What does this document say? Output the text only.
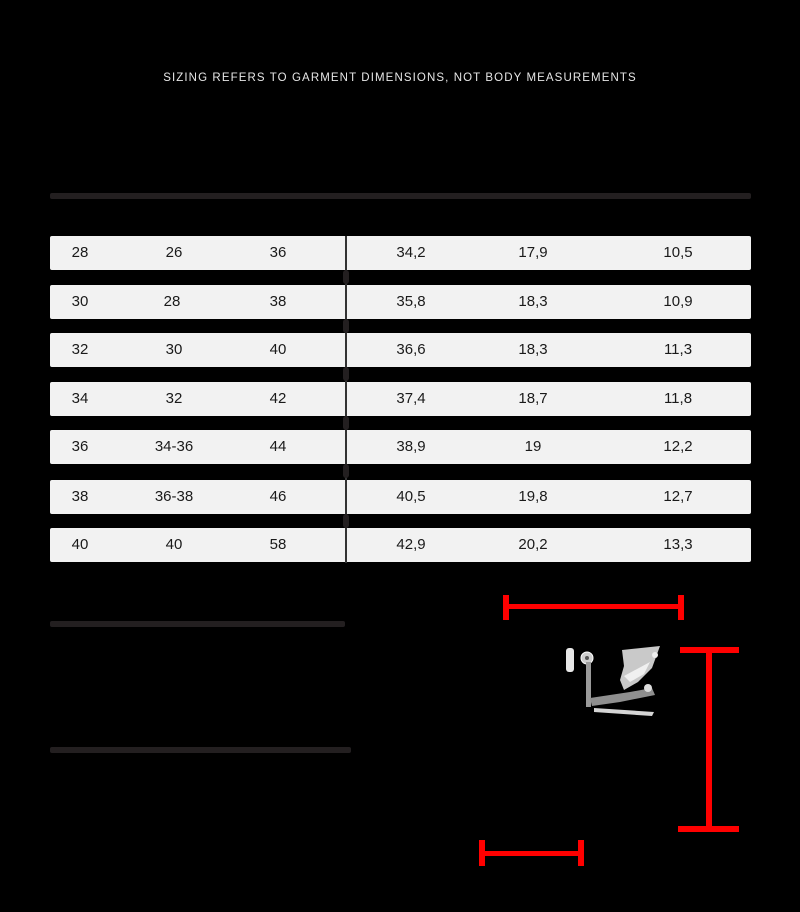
SIZING REFERS TO GARMENT DIMENSIONS, NOT BODY MEASUREMENTS
28	26	36	34,2	17,9	10,5
30	28	38	35,8	18,3	10,9
32	30	40	36,6	18,3	11,3
34	32	42	37,4	18,7	11,8
36	34-36	44	38,9	19	12,2
38	36-38	46	40,5	19,8	12,7
40	40	58	42,9	20,2	13,3
